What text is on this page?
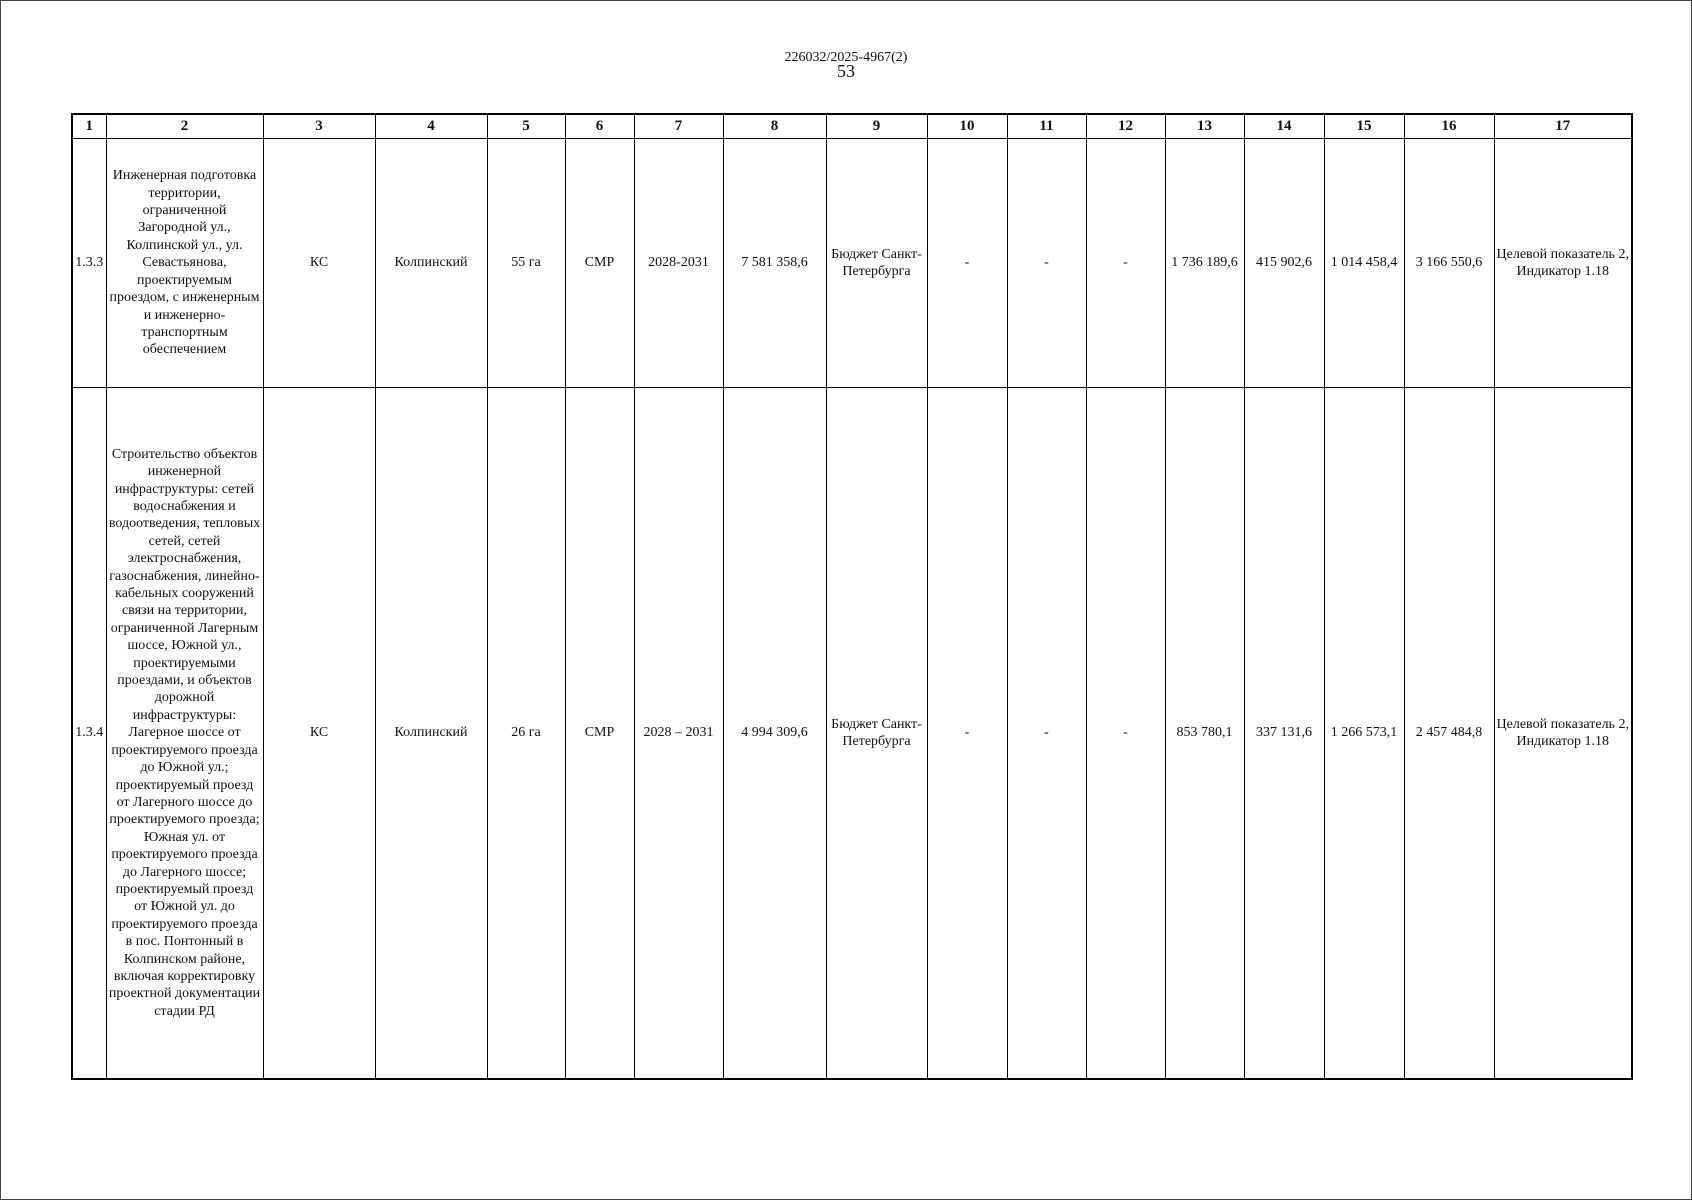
226032/2025-4967(2)
53
1	2	3	4	5	6	7	8	9	10	11	12	13	14	15	16	17
1.3.3	Инженерная подготовка территории, ограниченной Загородной ул., Колпинской ул., ул. Севастьянова, проектируемым проездом, с инженерным и инженерно-транспортным обеспечением	КС	Колпинский	55 га	СМР	2028-2031	7 581 358,6	Бюджет Санкт-Петербурга	-	-	-	1 736 189,6	415 902,6	1 014 458,4	3 166 550,6	Целевой показатель 2, Индикатор 1.18
1.3.4	Строительство объектов инженерной инфраструктуры: сетей водоснабжения и водоотведения, тепловых сетей, сетей электроснабжения, газоснабжения, линейно-кабельных сооружений связи на территории, ограниченной Лагерным шоссе, Южной ул., проектируемыми проездами, и объектов дорожной инфраструктуры: Лагерное шоссе от проектируемого проезда до Южной ул.; проектируемый проезд от Лагерного шоссе до проектируемого проезда; Южная ул. от проектируемого проезда до Лагерного шоссе; проектируемый проезд от Южной ул. до проектируемого проезда в пос. Понтонный в Колпинском районе, включая корректировку проектной документации стадии РД	КС	Колпинский	26 га	СМР	2028 – 2031	4 994 309,6	Бюджет Санкт-Петербурга	-	-	-	853 780,1	337 131,6	1 266 573,1	2 457 484,8	Целевой показатель 2, Индикатор 1.18
